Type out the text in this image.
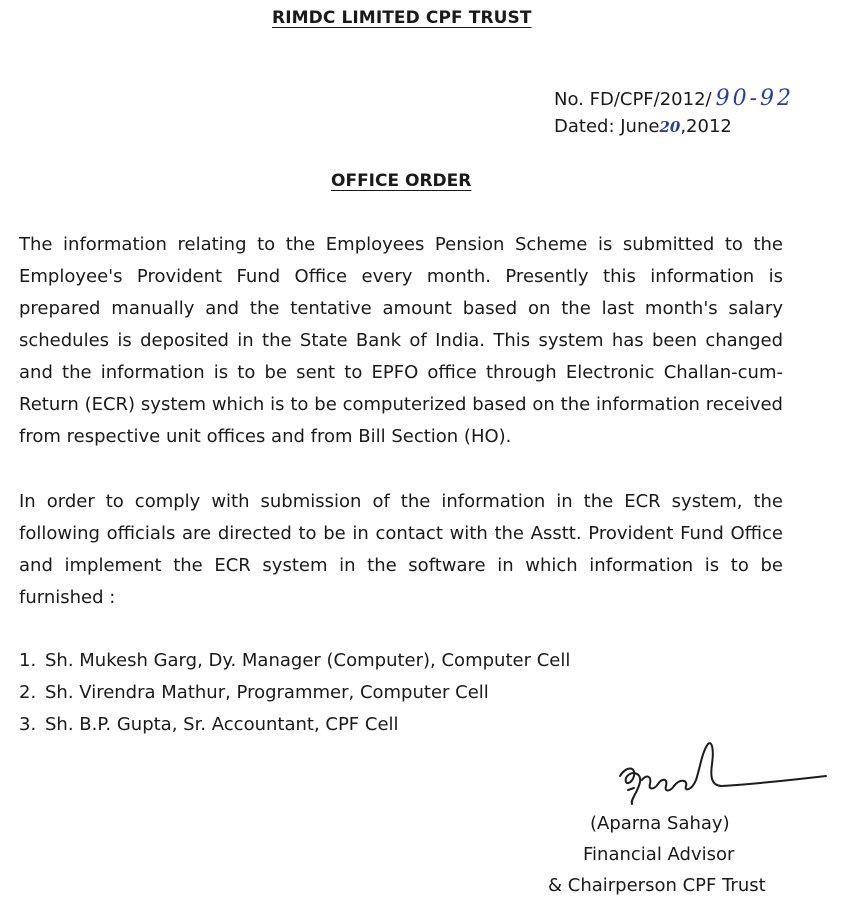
RIMDC LIMITED CPF TRUST
No. FD/CPF/2012/ 90-92
Dated: June20,2012
OFFICE ORDER

The information relating to the Employees Pension Scheme is submitted to the Employee's Provident Fund Office every month. Presently this information is prepared manually and the tentative amount based on the last month's salary schedules is deposited in the State Bank of India. This system has been changed and the information is to be sent to EPFO office through Electronic Challan-cum-Return (ECR) system which is to be computerized based on the information received from respective unit offices and from Bill Section (HO).

In order to comply with submission of the information in the ECR system, the following officials are directed to be in contact with the Asstt. Provident Fund Office and implement the ECR system in the software in which information is to be furnished :

1. Sh. Mukesh Garg, Dy. Manager (Computer), Computer Cell
2. Sh. Virendra Mathur, Programmer, Computer Cell
3. Sh. B.P. Gupta, Sr. Accountant, CPF Cell
(Aparna Sahay)
Financial Advisor
& Chairperson CPF Trust
